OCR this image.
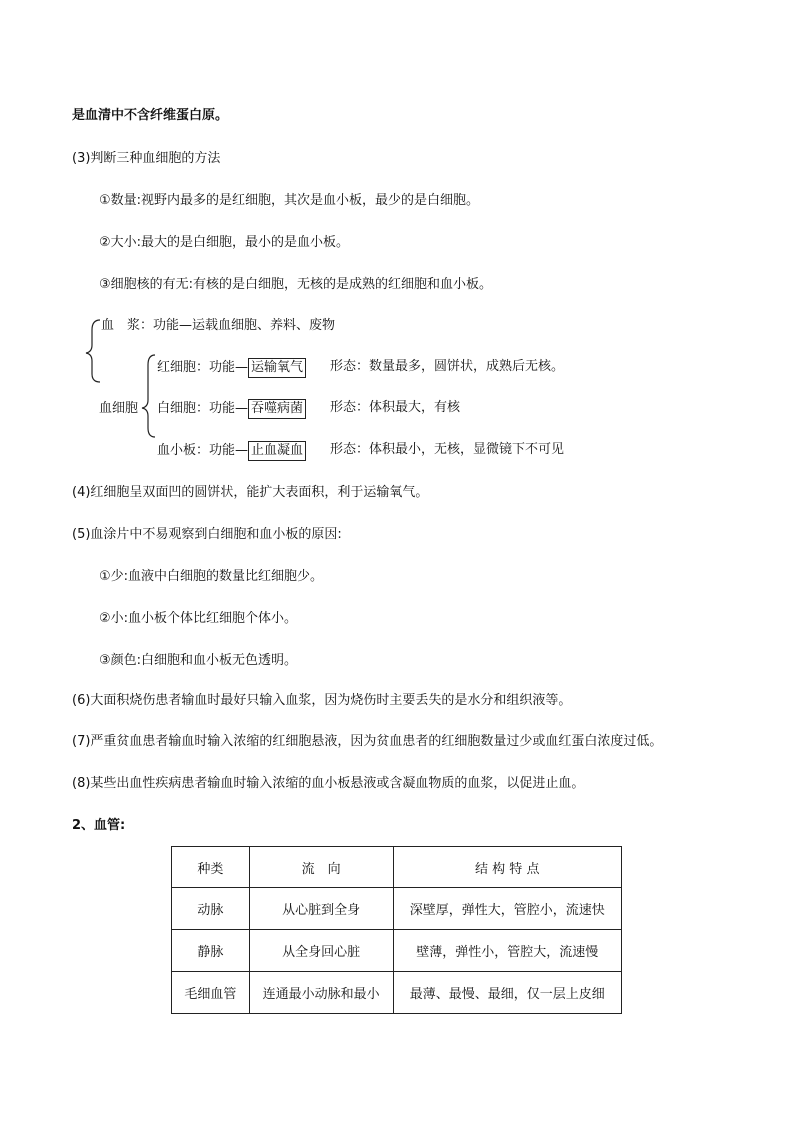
是血清中不含纤维蛋白原。
(3)判断三种血细胞的方法
①数量:视野内最多的是红细胞，其次是血小板，最少的是白细胞。
②大小:最大的是白细胞，最小的是血小板。
③细胞核的有无:有核的是白细胞，无核的是成熟的红细胞和血小板。
血　浆：功能—运载血细胞、养料、废物
血细胞
红细胞：功能— 运输氧气 形态：数量最多，圆饼状，成熟后无核。
白细胞：功能— 吞噬病菌 形态：体积最大，有核
血小板：功能— 止血凝血 形态：体积最小，无核，显微镜下不可见
(4)红细胞呈双面凹的圆饼状，能扩大表面积，利于运输氧气。
(5)血涂片中不易观察到白细胞和血小板的原因:
①少:血液中白细胞的数量比红细胞少。
②小:血小板个体比红细胞个体小。
③颜色:白细胞和血小板无色透明。
(6)大面积烧伤患者输血时最好只输入血浆，因为烧伤时主要丢失的是水分和组织液等。
(7)严重贫血患者输血时输入浓缩的红细胞悬液，因为贫血患者的红细胞数量过少或血红蛋白浓度过低。
(8)某些出血性疾病患者输血时输入浓缩的血小板悬液或含凝血物质的血浆，以促进止血。
2、血管:
种类	流　向	结 构 特 点
动脉	从心脏到全身	深壁厚，弹性大，管腔小，流速快
静脉	从全身回心脏	壁薄，弹性小，管腔大，流速慢
毛细血管	连通最小动脉和最小	最薄、最慢、最细，仅一层上皮细
